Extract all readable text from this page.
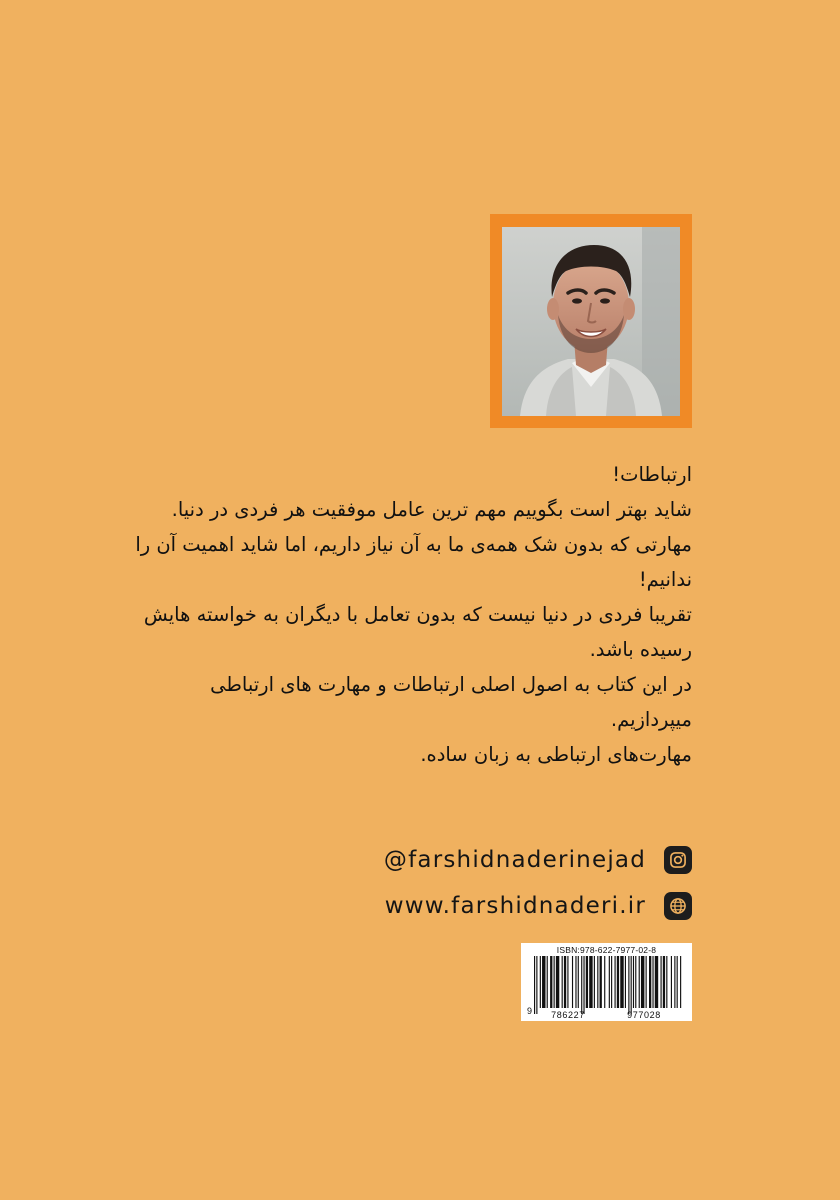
ارتباطات!

شاید بهتر است بگوییم مهم ترین عامل موفقیت هر فردی در دنیا.

مهارتی که بدون شک همه‌ی ما به آن نیاز داریم، اما شاید اهمیت آن را ندانیم!

تقریبا فردی در دنیا نیست که بدون تعامل با دیگران به خواسته هایش رسیده باشد.

در این کتاب به اصول اصلی ارتباطات و مهارت های ارتباطی میپردازیم.

مهارت‌های ارتباطی به زبان ساده.

@farshidnaderinejad
www.farshidnaderi.ir
ISBN:978-622-7977-02-8
9 786227	977028
